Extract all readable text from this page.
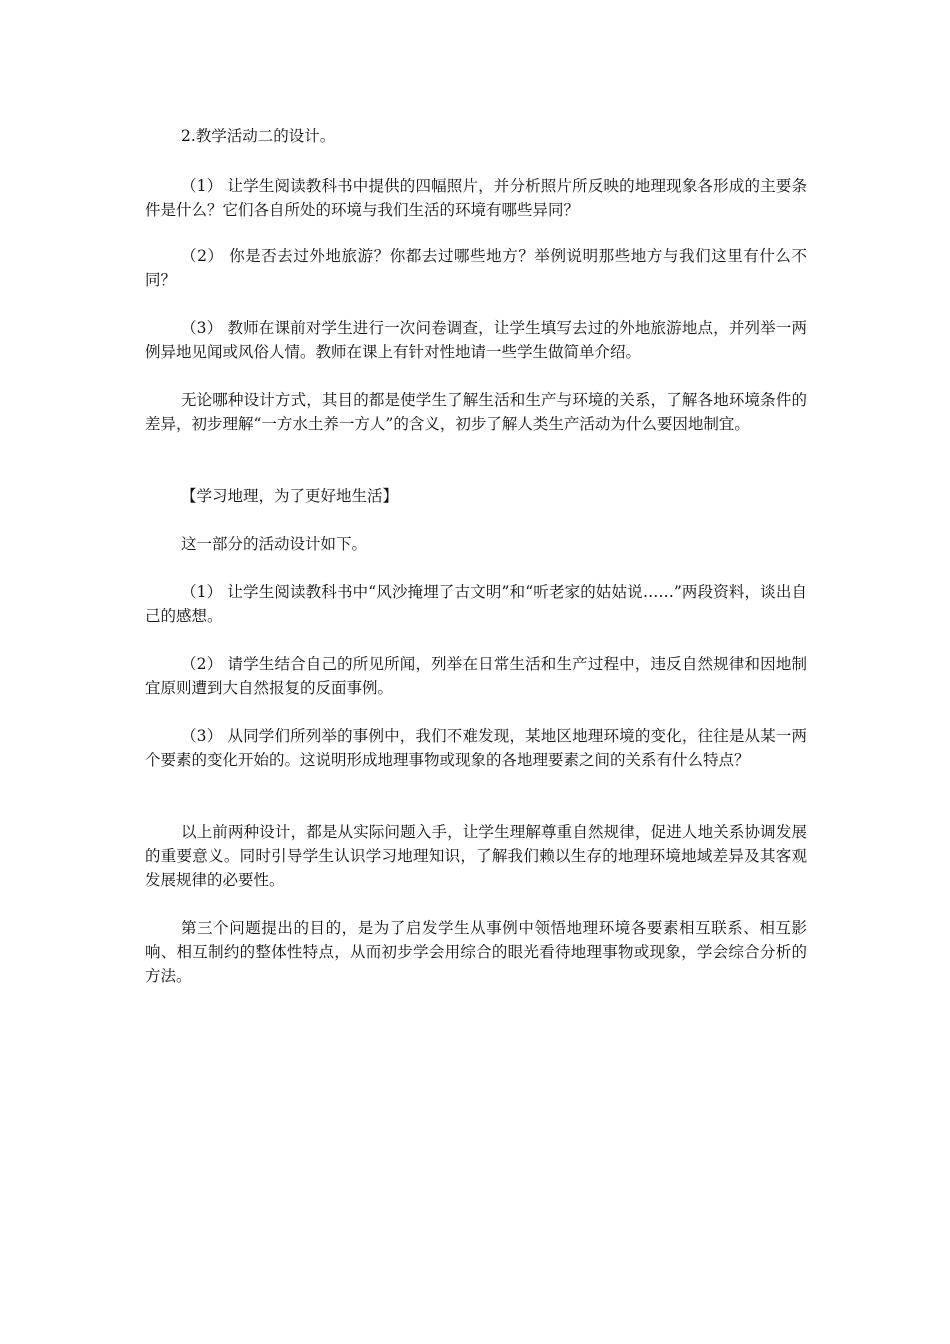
2.教学活动二的设计。

（1） 让学生阅读教科书中提供的四幅照片，并分析照片所反映的地理现象各形成的主要条件是什么？它们各自所处的环境与我们生活的环境有哪些异同？

（2） 你是否去过外地旅游？你都去过哪些地方？举例说明那些地方与我们这里有什么不同？

（3） 教师在课前对学生进行一次问卷调查，让学生填写去过的外地旅游地点，并列举一两例异地见闻或风俗人情。教师在课上有针对性地请一些学生做简单介绍。

无论哪种设计方式，其目的都是使学生了解生活和生产与环境的关系，了解各地环境条件的差异，初步理解“一方水土养一方人”的含义，初步了解人类生产活动为什么要因地制宜。

【学习地理，为了更好地生活】

这一部分的活动设计如下。

（1） 让学生阅读教科书中“风沙掩埋了古文明”和“听老家的姑姑说……”两段资料，谈出自己的感想。

（2） 请学生结合自己的所见所闻，列举在日常生活和生产过程中，违反自然规律和因地制宜原则遭到大自然报复的反面事例。

（3） 从同学们所列举的事例中，我们不难发现，某地区地理环境的变化，往往是从某一两个要素的变化开始的。这说明形成地理事物或现象的各地理要素之间的关系有什么特点？

以上前两种设计，都是从实际问题入手，让学生理解尊重自然规律，促进人地关系协调发展的重要意义。同时引导学生认识学习地理知识，了解我们赖以生存的地理环境地域差异及其客观发展规律的必要性。

第三个问题提出的目的，是为了启发学生从事例中领悟地理环境各要素相互联系、相互影响、相互制约的整体性特点，从而初步学会用综合的眼光看待地理事物或现象，学会综合分析的方法。
